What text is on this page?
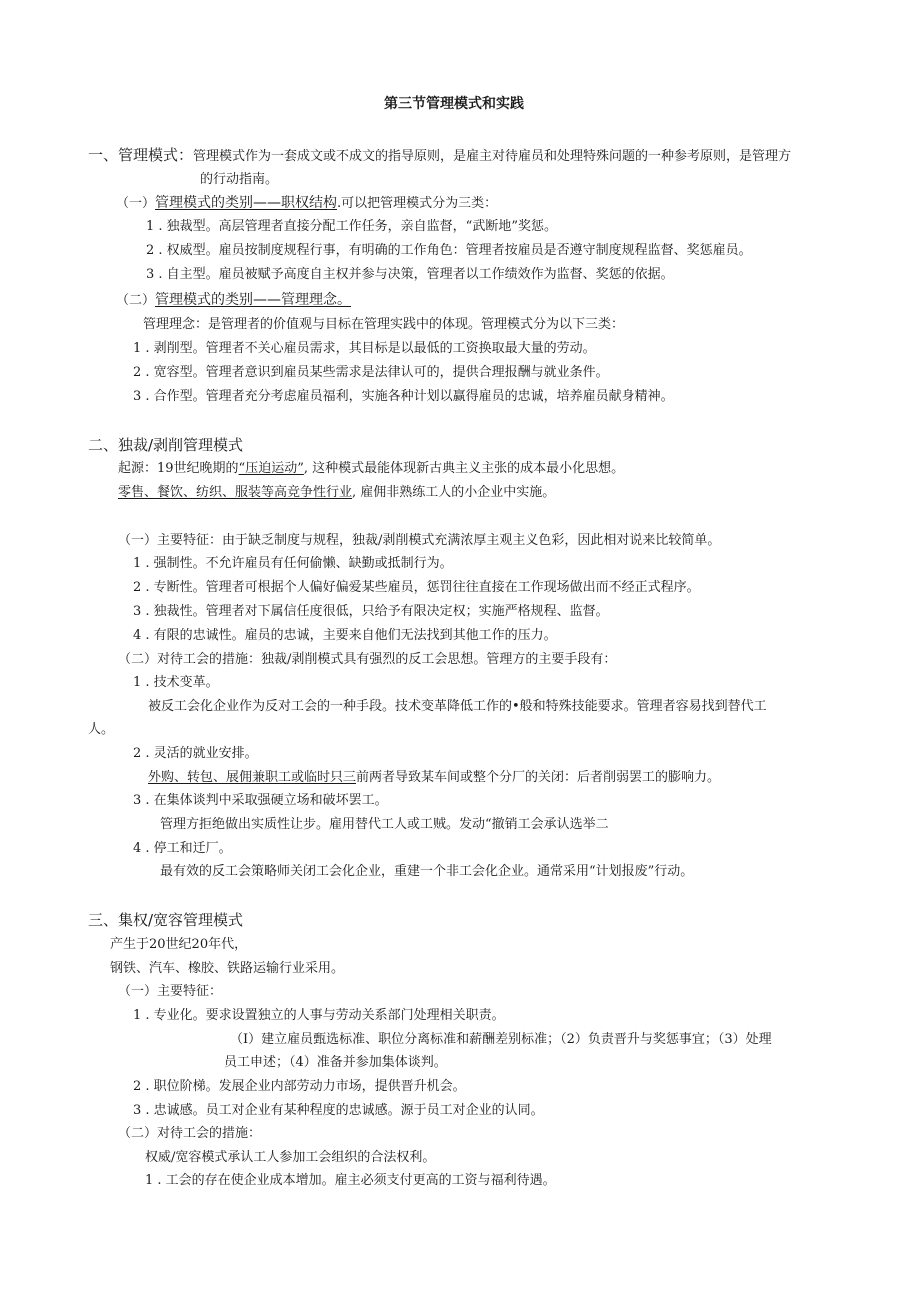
第三节管理模式和实践
一、管理模式：管理模式作为一套成文或不成文的指导原则，是雇主对待雇员和处理特殊问题的一种参考原则，是管理方
的行动指南。
（一）管理模式的类别——职权结构.可以把管理模式分为三类：
1 . 独裁型。高层管理者直接分配工作任务，亲自监督，“武断地”奖惩。
2 . 权威型。雇员按制度规程行事，有明确的工作角色：管理者按雇员是否遵守制度规程监督、奖惩雇员。
3 . 自主型。雇员被赋予高度自主权并参与决策，管理者以工作绩效作为监督、奖惩的依据。
（二）管理模式的类别——管理理念。
管理理念：是管理者的价值观与目标在管理实践中的体现。管理模式分为以下三类：
1 . 剥削型。管理者不关心雇员需求，其目标是以最低的工资换取最大量的劳动。
2 . 宽容型。管理者意识到雇员某些需求是法律认可的，提供合理报酬与就业条件。
3 . 合作型。管理者充分考虑雇员福利，实施各种计划以赢得雇员的忠诚，培养雇员献身精神。
二、独裁/剥削管理模式
起源：19世纪晚期的“压迫运动”, 这种模式最能体现新古典主义主张的成本最小化思想。
零售、餐饮、纺织、服装等高竞争性行业, 雇佣非熟练工人的小企业中实施。
（一）主要特征：由于缺乏制度与规程，独裁/剥削模式充满浓厚主观主义色彩，因此相对说来比较简单。
1 . 强制性。不允许雇员有任何偷懒、缺勤或抵制行为。
2 . 专断性。管理者可根据个人偏好偏爱某些雇员，惩罚往往直接在工作现场做出而不经正式程序。
3 . 独裁性。管理者对下属信任度很低，只给予有限决定权；实施严格规程、监督。
4 . 有限的忠诚性。雇员的忠诚，主要来自他们无法找到其他工作的压力。
（二）对待工会的措施：独裁/剥削模式具有强烈的反工会思想。管理方的主要手段有：
1 . 技术变革。
被反工会化企业作为反对工会的一种手段。技术变革降低工作的•般和特殊技能要求。管理者容易找到替代工
人。
2 . 灵活的就业安排。
外购、转包、展佣兼职工或临时只三前两者导致某车间或整个分厂的关闭：后者削弱罢工的膨响力。
3 . 在集体谈判中采取强硬立场和破坏罢工。
管理方拒绝做出实质性让步。雇用替代工人或工贼。发动“撤销工会承认选举二
4 . 停工和迁厂。
最有效的反工会策略师关闭工会化企业，重建一个非工会化企业。通常采用“计划报废”行动。
三、集权/宽容管理模式
产生于20世纪20年代，
钢铁、汽车、橡胶、铁路运输行业采用。
（一）主要特征：
1 . 专业化。要求设置独立的人事与劳动关系部门处理相关职责。
（I）建立雇员甄选标准、职位分离标准和薪酬差别标准；（2）负责晋升与奖惩事宜；（3）处理
员工申述；（4）准备并参加集体谈判。
2 . 职位阶梯。发展企业内部劳动力市场，提供晋升机会。
3 . 忠诚感。员工对企业有某种程度的忠诚感。源于员工对企业的认同。
（二）对待工会的措施：
权威/宽容模式承认工人参加工会组织的合法权利。
1 . 工会的存在使企业成本增加。雇主必须支付更高的工资与福利待遇。
